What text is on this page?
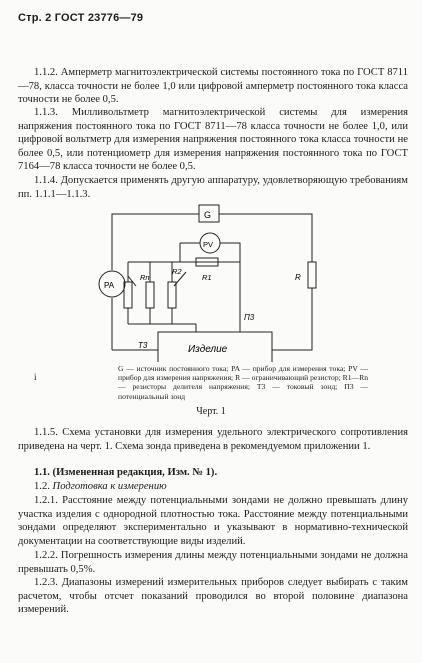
Стр. 2 ГОСТ 23776—79

1.1.2. Амперметр магнитоэлектрической системы постоянного тока по ГОСТ 8711—78, класса точности не более 1,0 или цифровой амперметр постоянного тока класса точности не более 0,5.

1.1.3. Милливольтметр магнитоэлектрической системы для измерения напряжения постоянного тока по ГОСТ 8711—78 класса точности не более 1,0, или цифровой вольтметр для измерения напряжения постоянного тока класса точности не более 0,5, или потенциометр для измерения напряжения постоянного тока по ГОСТ 7164—78 класса точности не более 0,5.

1.1.4. Допускается применять другую аппаратуру, удовлетворяющую требованиям пп. 1.1.1—1.1.3.

G
PV
PA
Rn
R2
R1	R
П3
Т3	Изделие
і

G — источник постоянного тока; PA — прибор для измерения тока; PV — прибор для измерения напряжения; R — ограничивающий резистор; R1—Rn — резисторы делителя напряжения; Т3 — токовый зонд; П3 — потенциальный зонд

Черт. 1

1.1.5. Схема установки для измерения удельного электрического сопротивления приведена на черт. 1. Схема зонда приведена в рекомендуемом приложении 1.

1.1. (Измененная редакция, Изм. № 1).

1.2. Подготовка к измерению

1.2.1. Расстояние между потенциальными зондами не должно превышать длину участка изделия с однородной плотностью тока. Расстояние между потенциальными зондами определяют экспериментально и указывают в нормативно-технической документации на соответствующие виды изделий.

1.2.2. Погрешность измерения длины между потенциальными зондами не должна превышать 0,5%.

1.2.3. Диапазоны измерений измерительных приборов следует выбирать с таким расчетом, чтобы отсчет показаний проводился во второй половине диапазона измерений.
